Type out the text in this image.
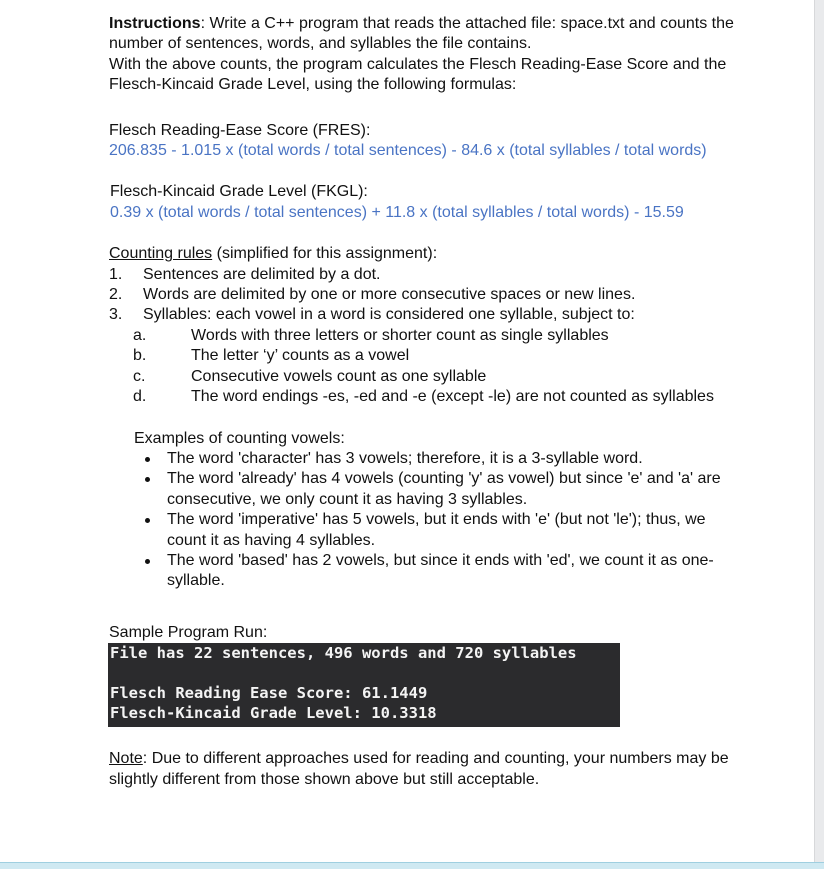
Instructions: Write a C++ program that reads the attached file: space.txt and counts the number of sentences, words, and syllables the file contains.

With the above counts, the program calculates the Flesch Reading-Ease Score and the Flesch-Kincaid Grade Level, using the following formulas:

Flesch Reading-Ease Score (FRES):

206.835 - 1.015 x (total words / total sentences) - 84.6 x (total syllables / total words)

Flesch-Kincaid Grade Level (FKGL):

0.39 x (total words / total sentences) + 11.8 x (total syllables / total words) - 15.59

Counting rules (simplified for this assignment):

1.	Sentences are delimited by a dot.
2.	Words are delimited by one or more consecutive spaces or new lines.
3.	Syllables: each vowel in a word is considered one syllable, subject to:
a.	Words with three letters or shorter count as single syllables
b.	The letter ‘y’ counts as a vowel
c.	Consecutive vowels count as one syllable
d.	The word endings -es, -ed and -e (except -le) are not counted as syllables

Examples of counting vowels:

The word 'character' has 3 vowels; therefore, it is a 3-syllable word.
The word 'already' has 4 vowels (counting 'y' as vowel) but since 'e' and 'a' are consecutive, we only count it as having 3 syllables.
The word 'imperative' has 5 vowels, but it ends with 'e' (but not 'le'); thus, we count it as having 4 syllables.
The word 'based' has 2 vowels, but since it ends with 'ed', we count it as one-syllable.

Sample Program Run:

File has 22 sentences, 496 words and 720 syllables
Flesch Reading Ease Score: 61.1449
Flesch-Kincaid Grade Level: 10.3318

Note: Due to different approaches used for reading and counting, your numbers may be slightly different from those shown above but still acceptable.
